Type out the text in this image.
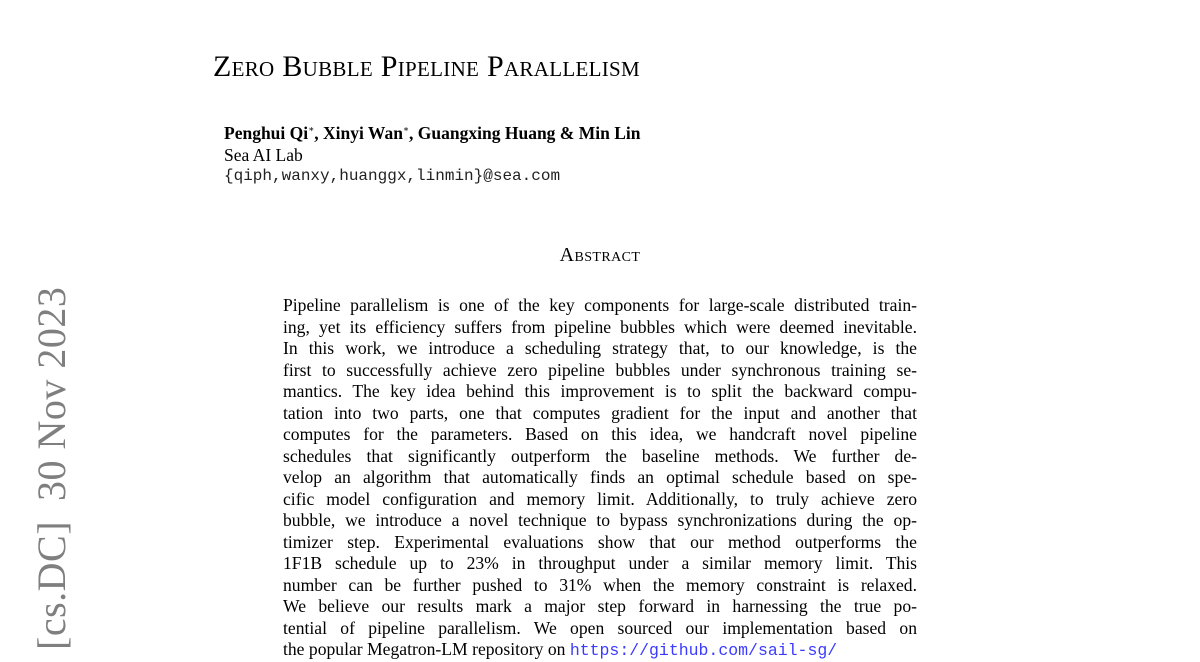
[cs.DC]30 Nov 2023
Zero Bubble Pipeline Parallelism
Penghui Qi∗, Xinyi Wan∗, Guangxing Huang & Min Lin
Sea AI Lab
{qiph,wanxy,huanggx,linmin}@sea.com
Abstract
Pipeline parallelism is one of the key components for large-scale distributed train-
ing, yet its efficiency suffers from pipeline bubbles which were deemed inevitable.
In this work, we introduce a scheduling strategy that, to our knowledge, is the
first to successfully achieve zero pipeline bubbles under synchronous training se-
mantics. The key idea behind this improvement is to split the backward compu-
tation into two parts, one that computes gradient for the input and another that
computes for the parameters. Based on this idea, we handcraft novel pipeline
schedules that significantly outperform the baseline methods. We further de-
velop an algorithm that automatically finds an optimal schedule based on spe-
cific model configuration and memory limit. Additionally, to truly achieve zero
bubble, we introduce a novel technique to bypass synchronizations during the op-
timizer step. Experimental evaluations show that our method outperforms the
1F1B schedule up to 23% in throughput under a similar memory limit. This
number can be further pushed to 31% when the memory constraint is relaxed.
We believe our results mark a major step forward in harnessing the true po-
tential of pipeline parallelism. We open sourced our implementation based on
the popular Megatron-LM repository on https://github.com/sail-sg/
